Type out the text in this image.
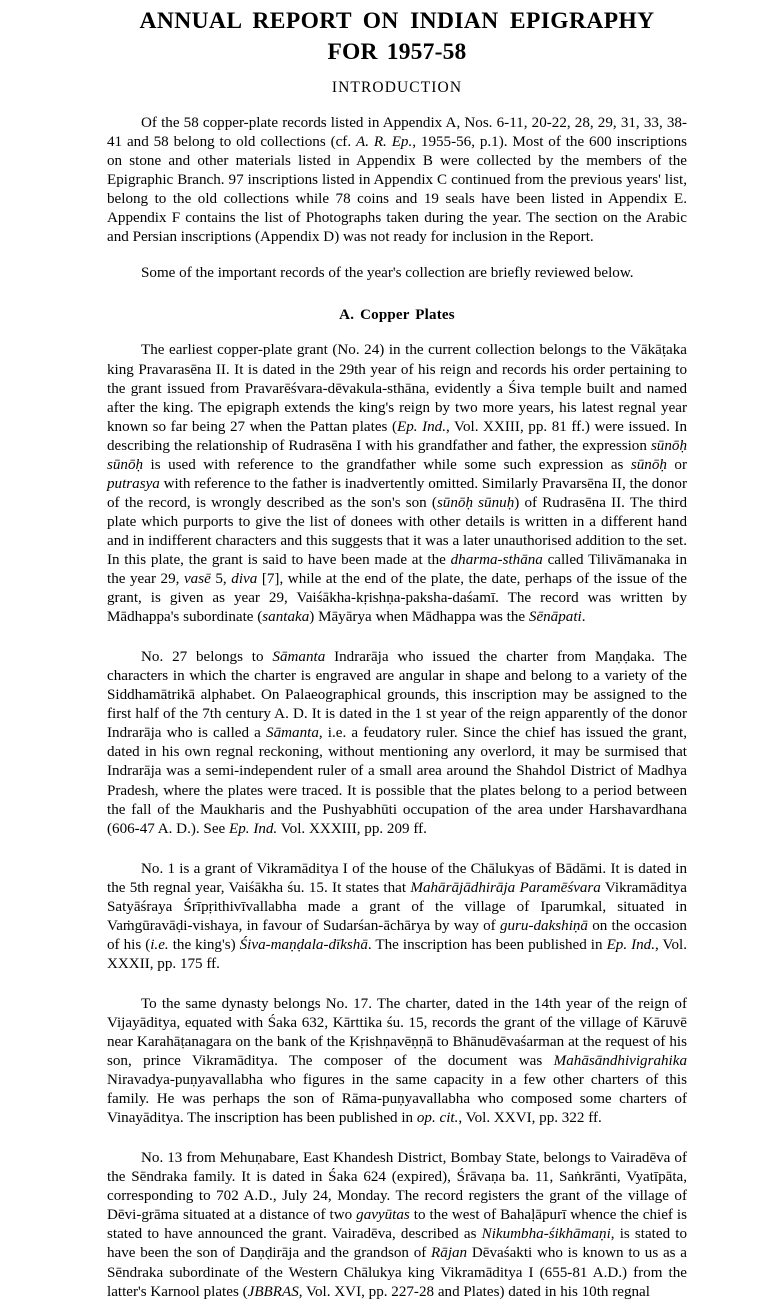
ANNUAL REPORT ON INDIAN EPIGRAPHY
FOR 1957-58
INTRODUCTION

Of the 58 copper-plate records listed in Appendix A, Nos. 6-11, 20-22, 28, 29, 31, 33, 38-41 and 58 belong to old collections (cf. A. R. Ep., 1955-56, p.1). Most of the 600 inscriptions on stone and other materials listed in Appendix B were collected by the members of the Epigraphic Branch. 97 inscriptions listed in Appendix C continued from the previous years' list, belong to the old collections while 78 coins and 19 seals have been listed in Appendix E. Appendix F contains the list of Photographs taken during the year. The section on the Arabic and Persian inscriptions (Appendix D) was not ready for inclusion in the Report.

Some of the important records of the year's collection are briefly reviewed below.

A. Copper Plates

The earliest copper-plate grant (No. 24) in the current collection belongs to the Vākāṭaka king Pravarasēna II. It is dated in the 29th year of his reign and records his order pertaining to the grant issued from Pravarēśvara-dēvakula-sthāna, evidently a Śiva temple built and named after the king. The epigraph extends the king's reign by two more years, his latest regnal year known so far being 27 when the Pattan plates (Ep. Ind., Vol. XXIII, pp. 81 ff.) were issued. In describing the relationship of Rudrasēna I with his grandfather and father, the expression sūnōḥ sūnōḥ is used with reference to the grandfather while some such expression as sūnōḥ or putrasya with reference to the father is inadvertently omitted. Similarly Pravarsēna II, the donor of the record, is wrongly described as the son's son (sūnōḥ sūnuḥ) of Rudrasēna II. The third plate which purports to give the list of donees with other details is written in a different hand and in indifferent characters and this suggests that it was a later unauthorised addition to the set. In this plate, the grant is said to have been made at the dharma-sthāna called Tilivāmanaka in the year 29, vasē 5, diva [7], while at the end of the plate, the date, perhaps of the issue of the grant, is given as year 29, Vaiśākha-kṛishṇa-paksha-daśamī. The record was written by Mādhappa's subordinate (santaka) Māyārya when Mādhappa was the Sēnāpati.

No. 27 belongs to Sāmanta Indrarāja who issued the charter from Maṇḍaka. The characters in which the charter is engraved are angular in shape and belong to a variety of the Siddhamātrikā alphabet. On Palaeographical grounds, this inscription may be assigned to the first half of the 7th century A. D. It is dated in the 1 st year of the reign apparently of the donor Indrarāja who is called a Sāmanta, i.e. a feudatory ruler. Since the chief has issued the grant, dated in his own regnal reckoning, without mentioning any overlord, it may be surmised that Indrarāja was a semi-independent ruler of a small area around the Shahdol District of Madhya Pradesh, where the plates were traced. It is possible that the plates belong to a period between the fall of the Maukharis and the Pushyabhūti occupation of the area under Harshavardhana (606-47 A. D.). See Ep. Ind. Vol. XXXIII, pp. 209 ff.

No. 1 is a grant of Vikramāditya I of the house of the Chālukyas of Bādāmi. It is dated in the 5th regnal year, Vaiśākha śu. 15. It states that Mahārājādhirāja Paramēśvara Vikramāditya Satyāśraya Śrīpṛithivīvallabha made a grant of the village of Iparumkal, situated in Vaṁgūravāḍi-vishaya, in favour of Sudarśan-āchārya by way of guru-dakshiṇā on the occasion of his (i.e. the king's) Śiva-maṇḍala-dīkshā. The inscription has been published in Ep. Ind., Vol. XXXII, pp. 175 ff.

To the same dynasty belongs No. 17. The charter, dated in the 14th year of the reign of Vijayāditya, equated with Śaka 632, Kārttika śu. 15, records the grant of the village of Kāruvē near Karahāṭanagara on the bank of the Kṛishṇavēṇṇā to Bhānudēvaśarman at the request of his son, prince Vikramāditya. The composer of the document was Mahāsāndhivigrahika Niravadya-puṇyavallabha who figures in the same capacity in a few other charters of this family. He was perhaps the son of Rāma-puṇyavallabha who composed some charters of Vinayāditya. The inscription has been published in op. cit., Vol. XXVI, pp. 322 ff.

No. 13 from Mehuṇabare, East Khandesh District, Bombay State, belongs to Vairadēva of the Sēndraka family. It is dated in Śaka 624 (expired), Śrāvaṇa ba. 11, Saṅkrānti, Vyatīpāta, corresponding to 702 A.D., July 24, Monday. The record registers the grant of the village of Dēvi-grāma situated at a distance of two gavyūtas to the west of Bahaḷāpurī whence the chief is stated to have announced the grant. Vairadēva, described as Nikumbha-śikhāmaṇi, is stated to have been the son of Daṇḍirāja and the grandson of Rājan Dēvaśakti who is known to us as a Sēndraka subordinate of the Western Chālukya king Vikramāditya I (655-81 A.D.) from the latter's Karnool plates (JBBRAS, Vol. XVI, pp. 227-28 and Plates) dated in his 10th regnal
